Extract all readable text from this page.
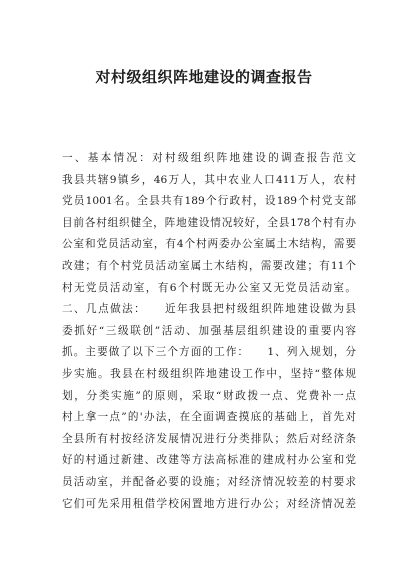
对村级组织阵地建设的调查报告
一、基本情况：对村级组织阵地建设的调查报告范文
我县共辖9镇乡，46万人，其中农业人口411万人，农村
党员1001名。全县共有189个行政村，设189个村党支部
目前各村组织健全，阵地建设情况较好，全县178个村有办
公室和党员活动室，有4个村两委办公室属土木结构，需要
改建；有个村党员活动室属土木结构，需要改建；有11个
村无党员活动室，有6个村既无办公室又无党员活动室。
二、几点做法：　　近年我县把村级组织阵地建设做为县
委抓好“三级联创”活动、加强基层组织建设的重要内容
抓。主要做了以下三个方面的工作：　　1、列入规划，分
步实施。我县在村级组织阵地建设工作中，坚持“整体规
划，分类实施”的原则，采取“财政拨一点、党费补一点
村上拿一点”的'办法，在全面调查摸底的基础上，首先对
全县所有村按经济发展情况进行分类排队；然后对经济条
好的村通过新建、改建等方法高标准的建成村办公室和党
员活动室，并配备必要的设施；对经济情况较差的村要求
它们可先采用租借学校闲置地方进行办公；对经济情况差
